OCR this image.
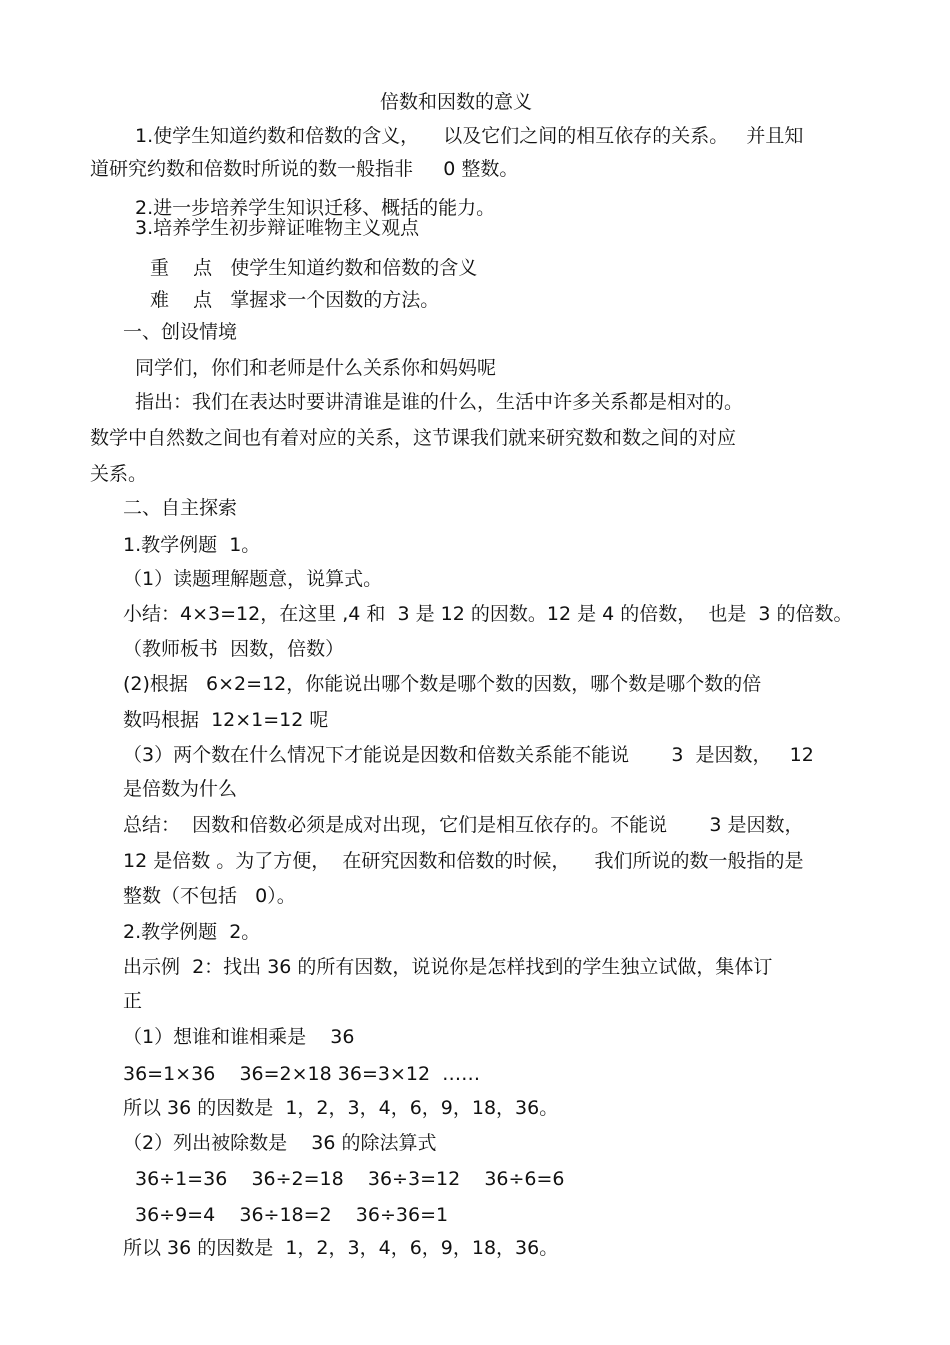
倍数和因数的意义
1.使学生知道约数和倍数的含义，    以及它们之间的相互依存的关系。   并且知
道研究约数和倍数时所说的数一般指非     0 整数。
2.进一步培养学生知识迁移、概括的能力。
3.培养学生初步辩证唯物主义观点
重    点   使学生知道约数和倍数的含义
难    点   掌握求一个因数的方法。
一、创设情境
同学们，你们和老师是什么关系你和妈妈呢
指出：我们在表达时要讲清谁是谁的什么，生活中许多关系都是相对的。
数学中自然数之间也有着对应的关系，这节课我们就来研究数和数之间的对应
关系。
二、自主探索
1.教学例题  1。
（1）读题理解题意，说算式。
小结：4×3=12，在这里 ,4 和  3 是 12 的因数。12 是 4 的倍数，  也是  3 的倍数。
（教师板书  因数，倍数）
(2)根据   6×2=12，你能说出哪个数是哪个数的因数，哪个数是哪个数的倍
数吗根据  12×1=12 呢
（3）两个数在什么情况下才能说是因数和倍数关系能不能说       3  是因数，   12
是倍数为什么
总结：  因数和倍数必须是成对出现，它们是相互依存的。不能说       3 是因数，
12 是倍数 。为了方便，  在研究因数和倍数的时候，    我们所说的数一般指的是
整数（不包括   0）。
2.教学例题  2。
出示例  2：找出 36 的所有因数，说说你是怎样找到的学生独立试做，集体订
正
（1）想谁和谁相乘是    36
36=1×36    36=2×18 36=3×12  ……
所以 36 的因数是  1，2，3，4，6，9，18，36。
（2）列出被除数是    36 的除法算式
36÷1=36    36÷2=18    36÷3=12    36÷6=6
36÷9=4    36÷18=2    36÷36=1
所以 36 的因数是  1，2，3，4，6，9，18，36。
